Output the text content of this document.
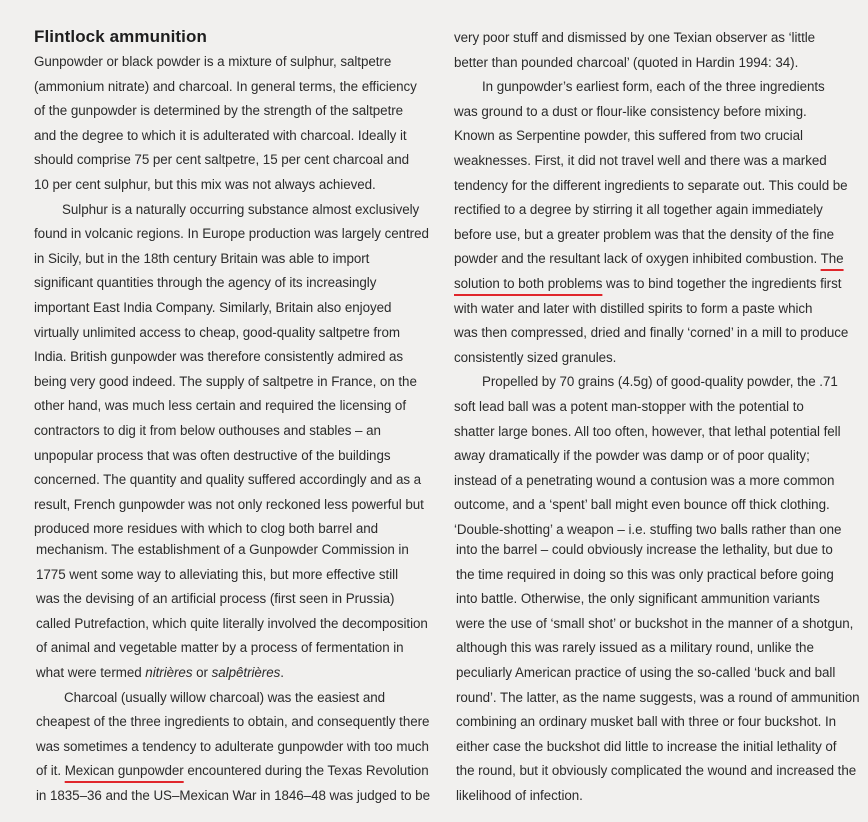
Flintlock ammunition
Gunpowder or black powder is a mixture of sulphur, saltpetre
(ammonium nitrate) and charcoal. In general terms, the efficiency
of the gunpowder is determined by the strength of the saltpetre
and the degree to which it is adulterated with charcoal. Ideally it
should comprise 75 per cent saltpetre, 15 per cent charcoal and
10 per cent sulphur, but this mix was not always achieved.
Sulphur is a naturally occurring substance almost exclusively
found in volcanic regions. In Europe production was largely centred
in Sicily, but in the 18th century Britain was able to import
significant quantities through the agency of its increasingly
important East India Company. Similarly, Britain also enjoyed
virtually unlimited access to cheap, good-quality saltpetre from
India. British gunpowder was therefore consistently admired as
being very good indeed. The supply of saltpetre in France, on the
other hand, was much less certain and required the licensing of
contractors to dig it from below outhouses and stables – an
unpopular process that was often destructive of the buildings
concerned. The quantity and quality suffered accordingly and as a
result, French gunpowder was not only reckoned less powerful but
produced more residues with which to clog both barrel and
very poor stuff and dismissed by one Texian observer as ‘little
better than pounded charcoal’ (quoted in Hardin 1994: 34).
In gunpowder’s earliest form, each of the three ingredients
was ground to a dust or flour-like consistency before mixing.
Known as Serpentine powder, this suffered from two crucial
weaknesses. First, it did not travel well and there was a marked
tendency for the different ingredients to separate out. This could be
rectified to a degree by stirring it all together again immediately
before use, but a greater problem was that the density of the fine
powder and the resultant lack of oxygen inhibited combustion. The
solution to both problems was to bind together the ingredients first
with water and later with distilled spirits to form a paste which
was then compressed, dried and finally ‘corned’ in a mill to produce
consistently sized granules.
Propelled by 70 grains (4.5g) of good-quality powder, the .71
soft lead ball was a potent man-stopper with the potential to
shatter large bones. All too often, however, that lethal potential fell
away dramatically if the powder was damp or of poor quality;
instead of a penetrating wound a contusion was a more common
outcome, and a ‘spent’ ball might even bounce off thick clothing.
‘Double-shotting’ a weapon – i.e. stuffing two balls rather than one
mechanism. The establishment of a Gunpowder Commission in
1775 went some way to alleviating this, but more effective still
was the devising of an artificial process (first seen in Prussia)
called Putrefaction, which quite literally involved the decomposition
of animal and vegetable matter by a process of fermentation in
what were termed nitrières or salpêtrières.
Charcoal (usually willow charcoal) was the easiest and
cheapest of the three ingredients to obtain, and consequently there
was sometimes a tendency to adulterate gunpowder with too much
of it. Mexican gunpowder encountered during the Texas Revolution
in 1835–36 and the US–Mexican War in 1846–48 was judged to be
into the barrel – could obviously increase the lethality, but due to
the time required in doing so this was only practical before going
into battle. Otherwise, the only significant ammunition variants
were the use of ‘small shot’ or buckshot in the manner of a shotgun,
although this was rarely issued as a military round, unlike the
peculiarly American practice of using the so-called ‘buck and ball
round’. The latter, as the name suggests, was a round of ammunition
combining an ordinary musket ball with three or four buckshot. In
either case the buckshot did little to increase the initial lethality of
the round, but it obviously complicated the wound and increased the
likelihood of infection.
